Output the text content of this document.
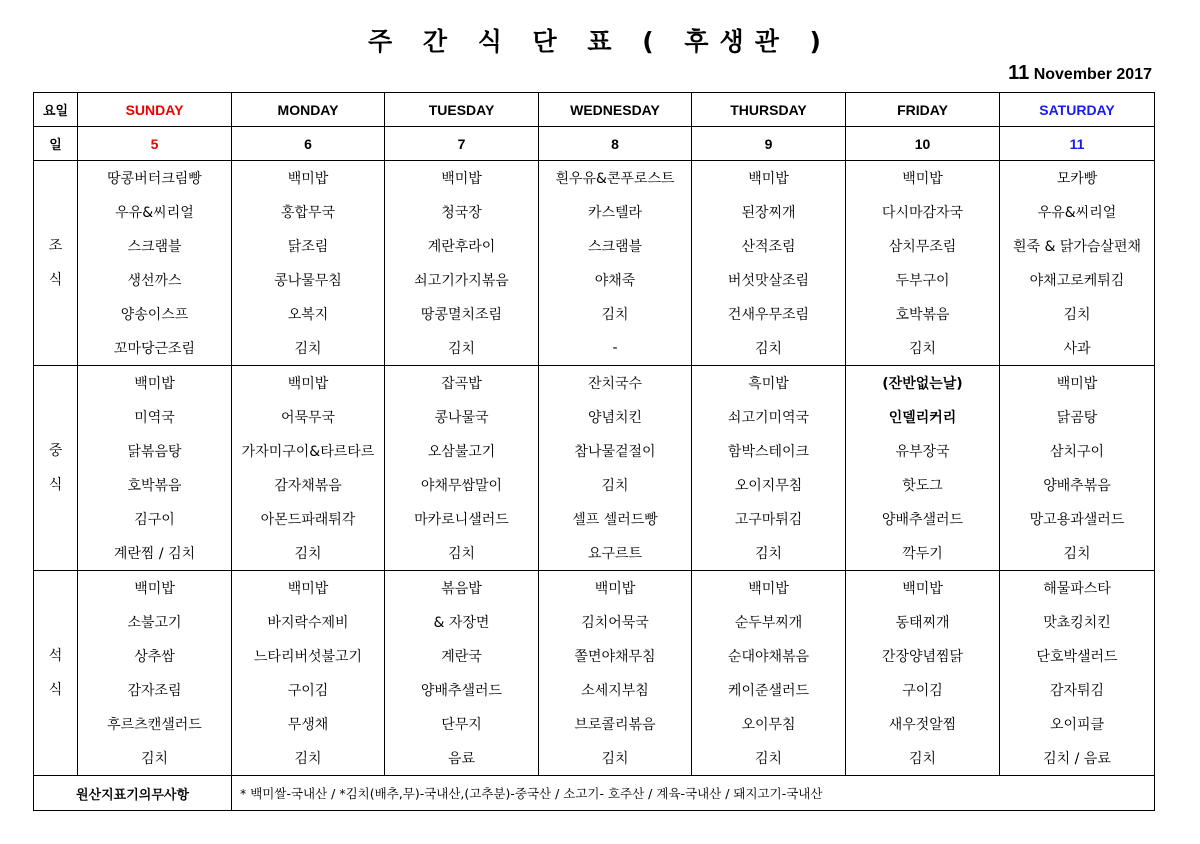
주 간 식 단 표 ( 후생관 )
11 November 2017
요일	SUNDAY	MONDAY	TUESDAY	WEDNESDAY	THURSDAY	FRIDAY	SATURDAY
일	5	6	7	8	9	10	11

조
식	땅콩버터크림빵	백미밥	백미밥	흰우유&콘푸로스트	백미밥	백미밥	모카빵
	우유&씨리얼	홍합무국	청국장	카스텔라	된장찌개	다시마감자국	우유&씨리얼
	스크램블	닭조림	계란후라이	스크램블	산적조림	삼치무조림	흰죽 & 닭가슴살편채
	생선까스	콩나물무침	쇠고기가지볶음	야채죽	버섯맛살조림	두부구이	야채고로케튀김
	양송이스프	오복지	땅콩멸치조림	김치	건새우무조림	호박볶음	김치
	꼬마당근조림	김치	김치	-	김치	김치	사과

중
식	백미밥	백미밥	잡곡밥	잔치국수	흑미밥	(잔반없는날)	백미밥
	미역국	어묵무국	콩나물국	양념치킨	쇠고기미역국	인델리커리	닭곰탕
	닭볶음탕	가자미구이&타르타르	오삼불고기	참나물겉절이	함박스테이크	유부장국	삼치구이
	호박볶음	감자채볶음	야채무쌈말이	김치	오이지무침	핫도그	양배추볶음
	김구이	아몬드파래튀각	마카로니샐러드	셀프 셀러드빵	고구마튀김	양배추샐러드	망고용과샐러드
	계란찜 / 김치	김치	김치	요구르트	김치	깍두기	김치

석
식	백미밥	백미밥	볶음밥	백미밥	백미밥	백미밥	해물파스타
	소불고기	바지락수제비	& 자장면	김치어묵국	순두부찌개	동태찌개	맛쵸킹치킨
	상추쌈	느타리버섯불고기	계란국	쫄면야채무침	순대야채볶음	간장양념찜닭	단호박샐러드
	감자조림	구이김	양배추샐러드	소세지부침	케이준샐러드	구이김	감자튀김
	후르츠캔샐러드	무생채	단무지	브로콜리볶음	오이무침	새우젓알찜	오이피클
	김치	김치	음료	김치	김치	김치	김치 / 음료
원산지표기의무사항		* 백미쌀-국내산 / *김치(배추,무)-국내산,(고추분)-중국산 / 소고기- 호주산 / 계육-국내산 / 돼지고기-국내산					
